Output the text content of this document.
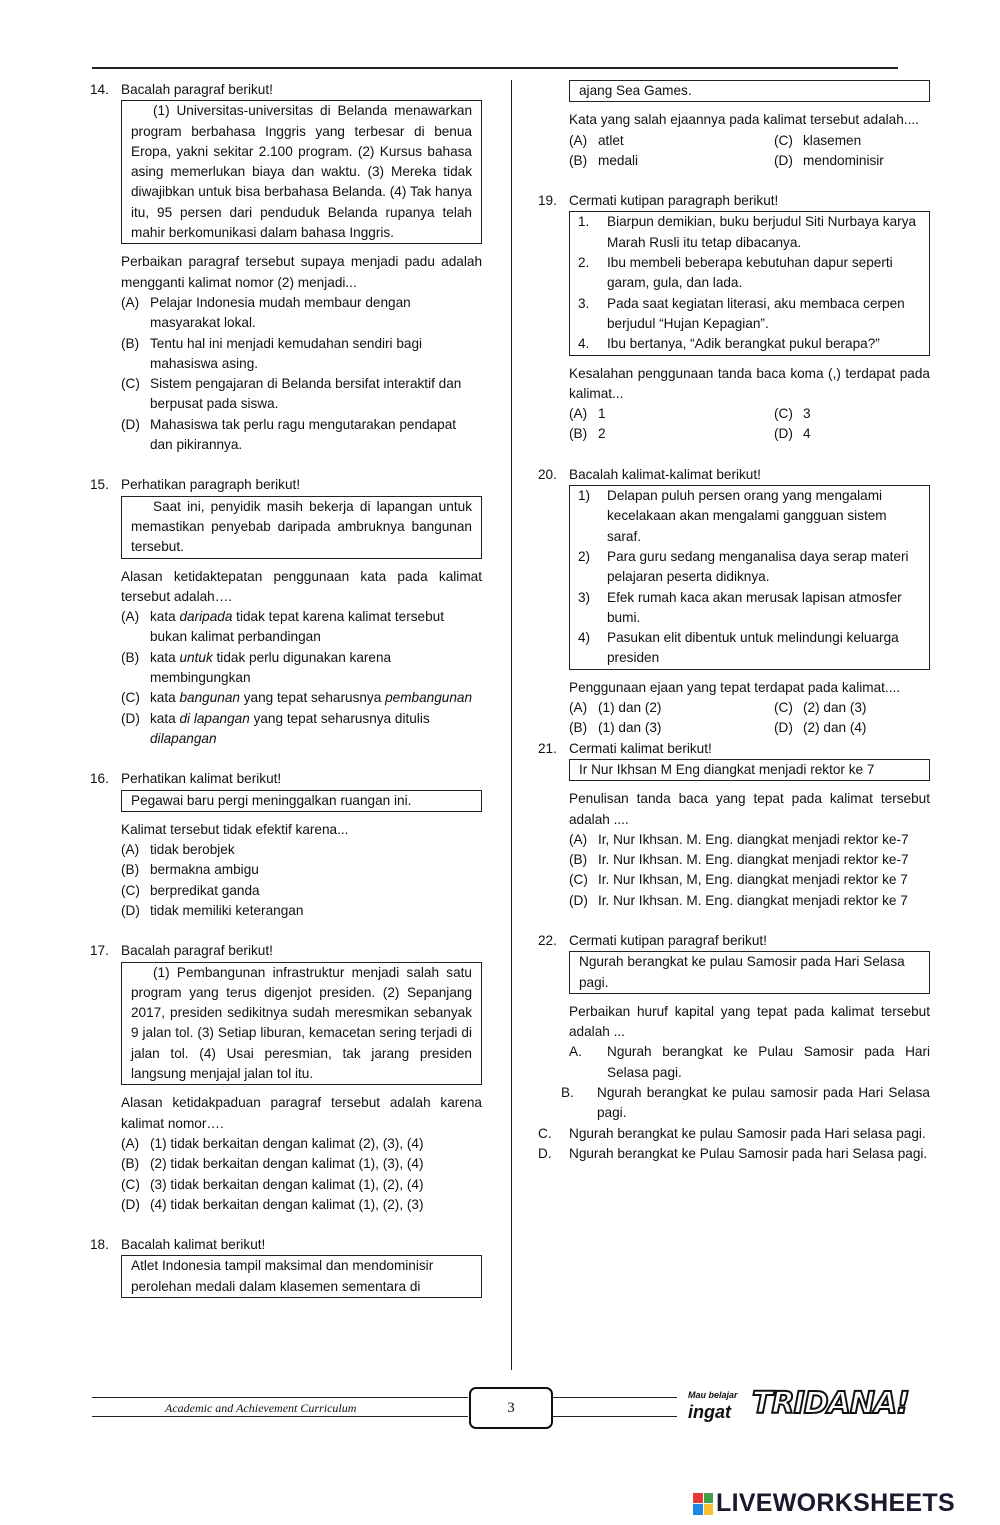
14. Bacalah paragraf berikut!

(1) Universitas-universitas di Belanda menawarkan program berbahasa Inggris yang terbesar di benua Eropa, yakni sekitar 2.100 program. (2) Kursus bahasa asing memerlukan biaya dan waktu. (3) Mereka tidak diwajibkan untuk bisa berbahasa Belanda. (4) Tak hanya itu, 95 persen dari penduduk Belanda rupanya telah mahir berkomunikasi dalam bahasa Inggris.

Perbaikan paragraf tersebut supaya menjadi padu adalah mengganti kalimat nomor (2) menjadi...

(A) Pelajar Indonesia mudah membaur dengan masyarakat lokal.
(B) Tentu hal ini menjadi kemudahan sendiri bagi mahasiswa asing.
(C) Sistem pengajaran di Belanda bersifat interaktif dan berpusat pada siswa.
(D) Mahasiswa tak perlu ragu mengutarakan pendapat dan pikirannya.
15. Perhatikan paragraph berikut!

Saat ini, penyidik masih bekerja di lapangan untuk memastikan penyebab daripada ambruknya bangunan tersebut.

Alasan ketidaktepatan penggunaan kata pada kalimat tersebut adalah….

(A) kata daripada tidak tepat karena kalimat tersebut bukan kalimat perbandingan
(B) kata untuk tidak perlu digunakan karena membingungkan
(C) kata bangunan yang tepat seharusnya pembangunan
(D) kata di lapangan yang tepat seharusnya ditulis dilapangan
16. Perhatikan kalimat berikut!
Pegawai baru pergi meninggalkan ruangan ini.

Kalimat tersebut tidak efektif karena...

(A) tidak berobjek
(B) bermakna ambigu
(C) berpredikat ganda
(D) tidak memiliki keterangan
17. Bacalah paragraf berikut!

(1) Pembangunan infrastruktur menjadi salah satu program yang terus digenjot presiden. (2) Sepanjang 2017, presiden sedikitnya sudah meresmikan sebanyak 9 jalan tol. (3) Setiap liburan, kemacetan sering terjadi di jalan tol. (4) Usai peresmian, tak jarang presiden langsung menjajal jalan tol itu.

Alasan ketidakpaduan paragraf tersebut adalah karena kalimat nomor….

(A) (1) tidak berkaitan dengan kalimat (2), (3), (4)
(B) (2) tidak berkaitan dengan kalimat (1), (3), (4)
(C) (3) tidak berkaitan dengan kalimat (1), (2), (4)
(D) (4) tidak berkaitan dengan kalimat (1), (2), (3)
18. Bacalah kalimat berikut!
Atlet Indonesia tampil maksimal dan mendominisir perolehan medali dalam klasemen sementara di
ajang Sea Games.

Kata yang salah ejaannya pada kalimat tersebut adalah....

(A) atlet	(C) klasemen
(B) medali	(D) mendominisir
19. Cermati kutipan paragraph berikut!
1.	Biarpun demikian, buku berjudul Siti Nurbaya karya Marah Rusli itu tetap dibacanya.
2.	Ibu membeli beberapa kebutuhan dapur seperti garam, gula, dan lada.
3.	Pada saat kegiatan literasi, aku membaca cerpen berjudul “Hujan Kepagian”.
4.	Ibu bertanya, “Adik berangkat pukul berapa?”

Kesalahan penggunaan tanda baca koma (,) terdapat pada kalimat...

(A) 1	(C) 3
(B) 2	(D) 4
20. Bacalah kalimat-kalimat berikut!
1)	Delapan puluh persen orang yang mengalami kecelakaan akan mengalami gangguan sistem saraf.
2)	Para guru sedang menganalisa daya serap materi pelajaran peserta didiknya.
3)	Efek rumah kaca akan merusak lapisan atmosfer bumi.
4)	Pasukan elit dibentuk untuk melindungi keluarga presiden

Penggunaan ejaan yang tepat terdapat pada kalimat....

(A) (1) dan (2)	(C) (2) dan (3)
(B) (1) dan (3)	(D) (2) dan (4)
21. Cermati kalimat berikut!
Ir Nur Ikhsan M Eng diangkat menjadi rektor ke 7

Penulisan tanda baca yang tepat pada kalimat tersebut adalah ....

(A) Ir, Nur Ikhsan. M. Eng. diangkat menjadi rektor ke-7
(B) Ir. Nur Ikhsan. M. Eng. diangkat menjadi rektor ke-7
(C) Ir. Nur Ikhsan, M, Eng. diangkat menjadi rektor ke 7
(D) Ir. Nur Ikhsan. M. Eng. diangkat menjadi rektor ke 7
22. Cermati kutipan paragraf berikut!
Ngurah berangkat ke pulau Samosir pada Hari Selasa pagi.

Perbaikan huruf kapital yang tepat pada kalimat tersebut adalah ...

A.	Ngurah berangkat ke Pulau Samosir pada Hari Selasa pagi.
B.	Ngurah berangkat ke pulau samosir pada Hari Selasa pagi.
C.	Ngurah berangkat ke pulau Samosir pada Hari selasa pagi.
D.	Ngurah berangkat ke Pulau Samosir pada hari Selasa pagi.
Academic and Achievement Curriculum	3
Mau belajar
ingat TRIDANA!
LIVEWORKSHEETS
